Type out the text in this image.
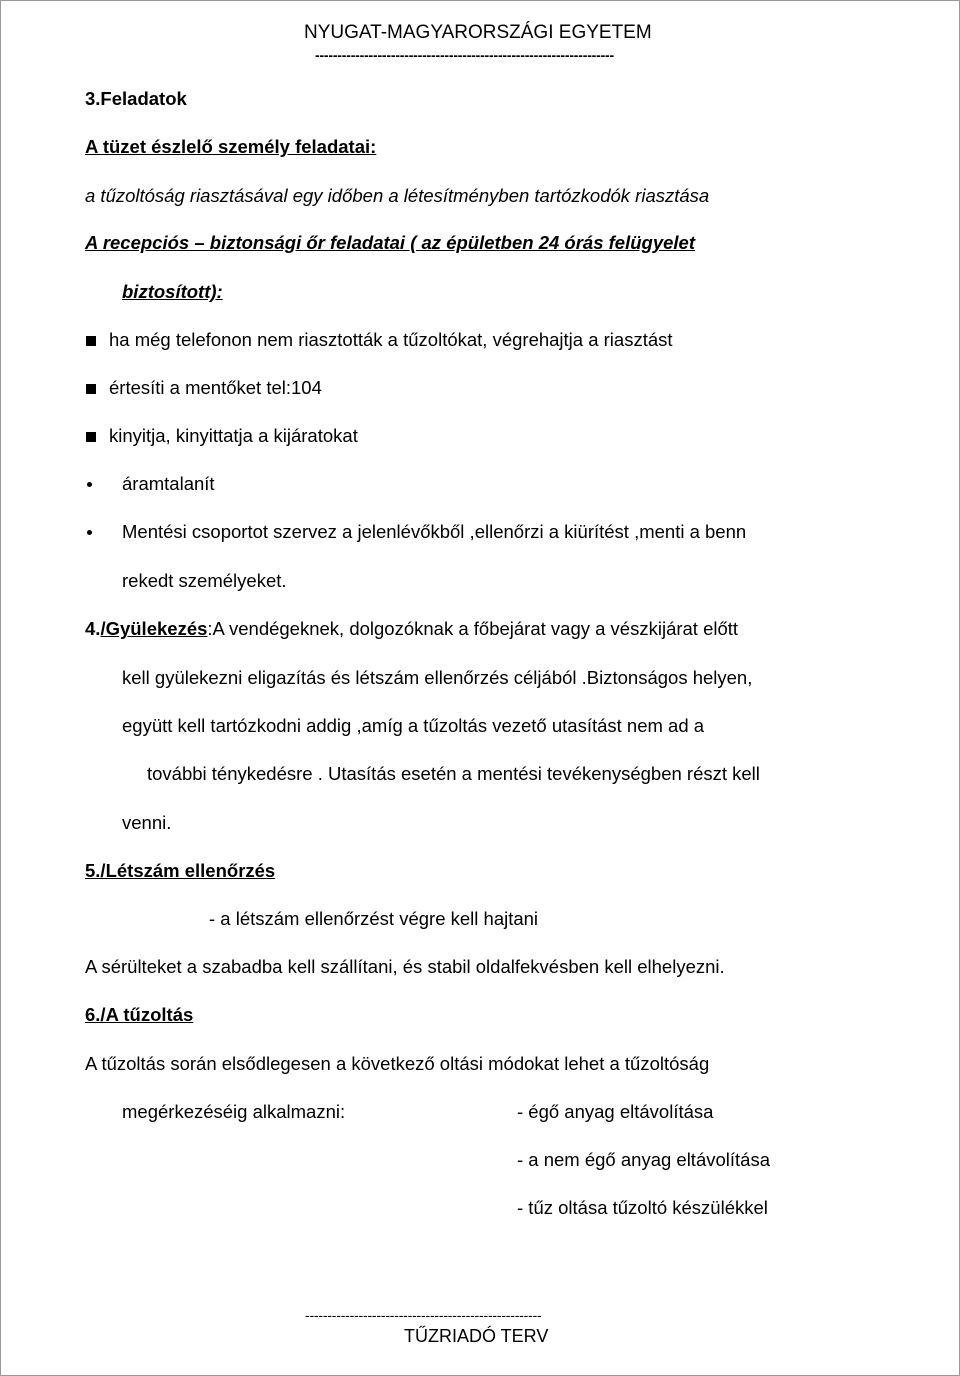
NYUGAT-MAGYARORSZÁGI EGYETEM
-------------------------------------------------------------------
3.Feladatok
A tüzet észlelő személy feladatai:
a tűzoltóság riasztásával egy időben a létesítményben tartózkodók riasztása
A recepciós – biztonsági őr feladatai ( az épületben 24 órás felügyelet
biztosított):
ha még telefonon nem riasztották a tűzoltókat, végrehajtja a riasztást
értesíti a mentőket tel:104
kinyitja, kinyittatja a kijáratokat
áramtalanít
Mentési csoportot szervez a jelenlévőkből ,ellenőrzi a kiürítést ,menti a benn
rekedt személyeket.
4./Gyülekezés:A vendégeknek, dolgozóknak a főbejárat vagy a vészkijárat előtt
kell gyülekezni eligazítás és létszám ellenőrzés céljából .Biztonságos helyen,
együtt kell tartózkodni addig ,amíg a tűzoltás vezető utasítást nem ad a
további ténykedésre . Utasítás esetén a mentési tevékenységben részt kell
venni.
5./Létszám ellenőrzés
- a létszám ellenőrzést végre kell hajtani
A sérülteket a szabadba kell szállítani, és stabil oldalfekvésben kell elhelyezni.
6./A tűzoltás
A tűzoltás során elsődlegesen a következő oltási módokat lehet a tűzoltóság
megérkezéséig alkalmazni:	- égő anyag eltávolítása
- a nem égő anyag eltávolítása
- tűz oltása tűzoltó készülékkel
-----------------------------------------------------
TŰZRIADÓ TERV
